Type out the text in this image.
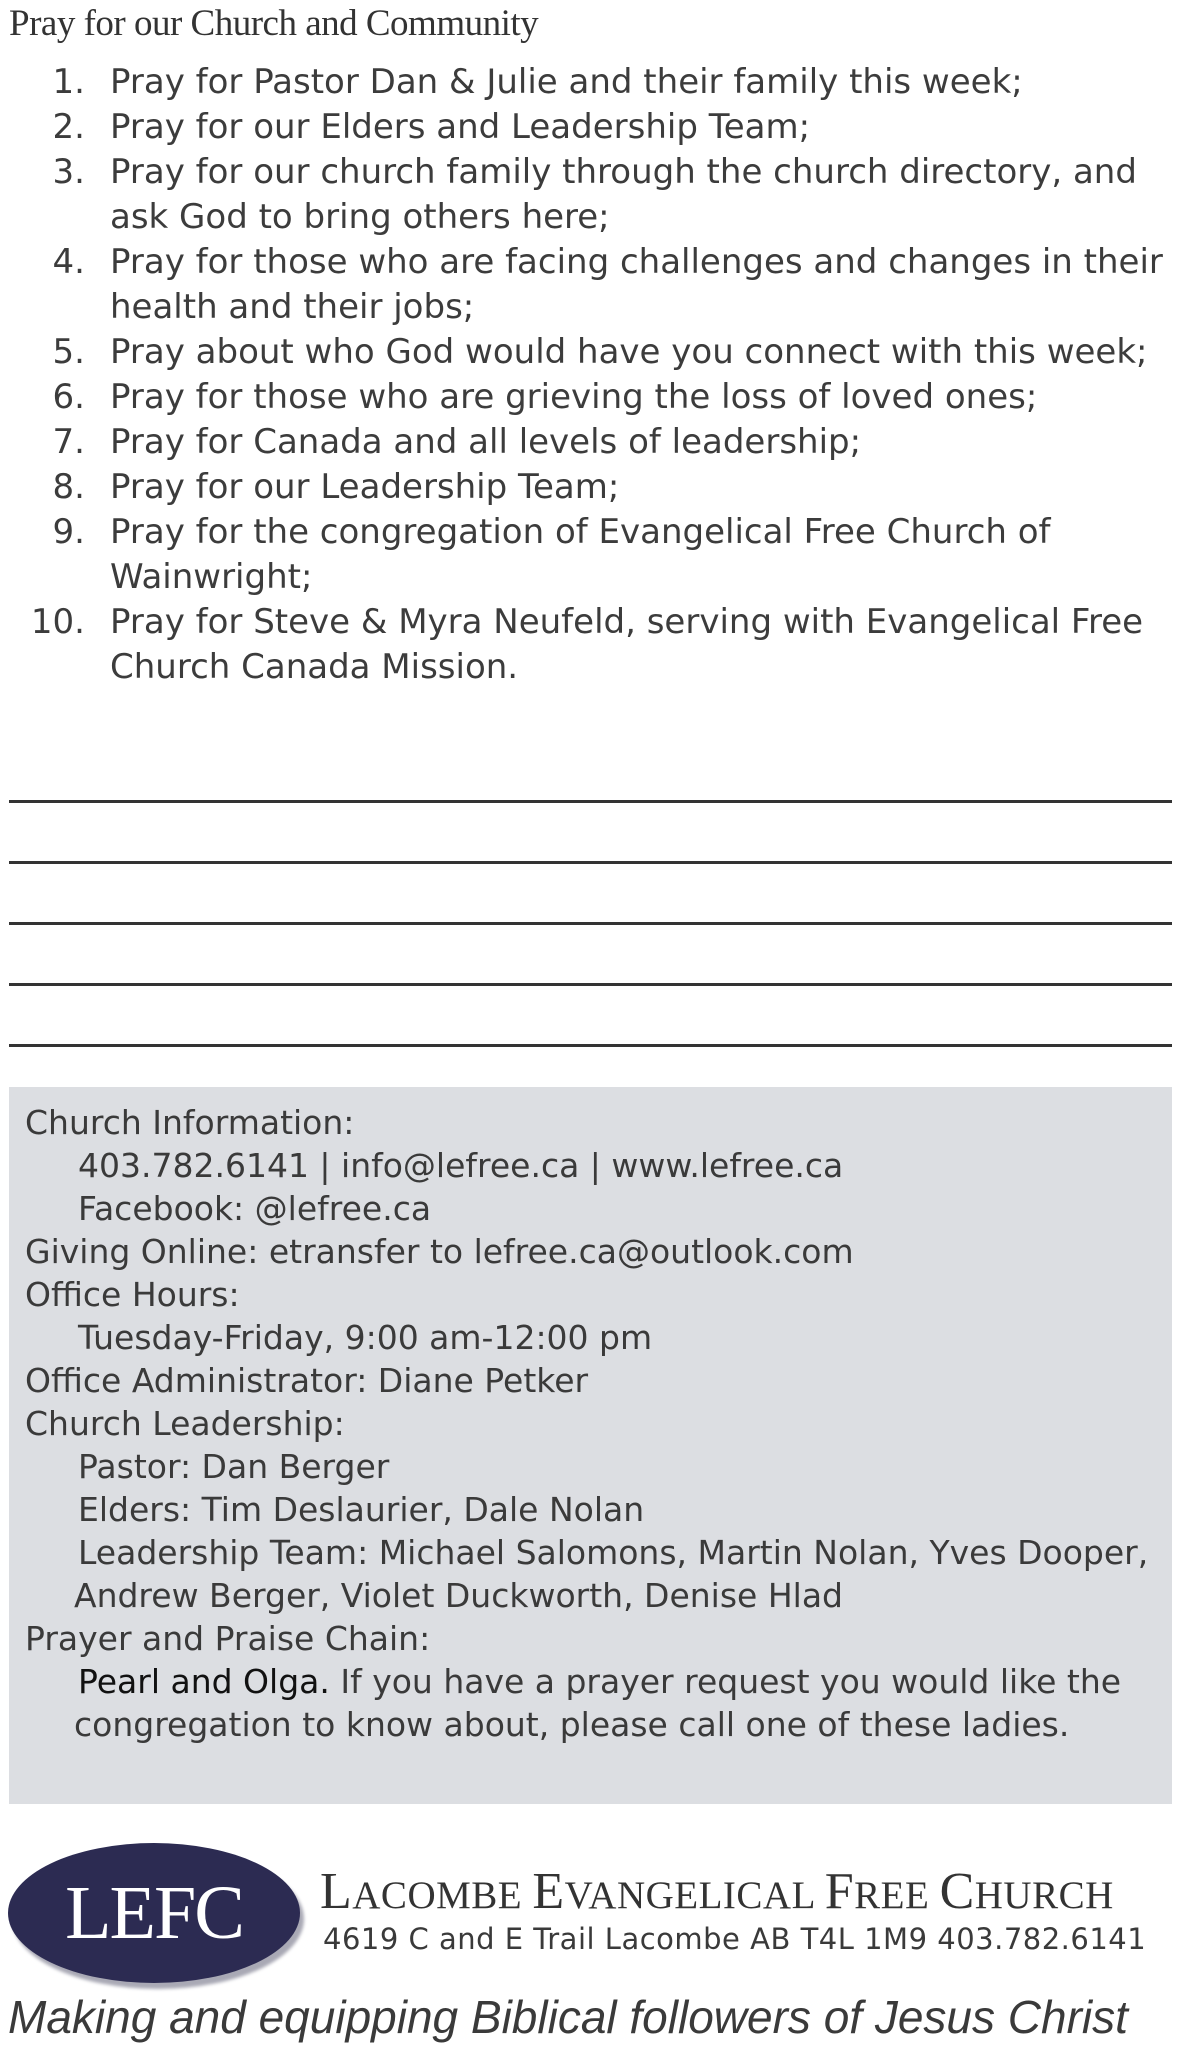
Pray for our Church and Community
1. Pray for Pastor Dan & Julie and their family this week;
2. Pray for our Elders and Leadership Team;
3. Pray for our church family through the church directory, and ask God to bring others here;
4. Pray for those who are facing challenges and changes in their health and their jobs;
5. Pray about who God would have you connect with this week;
6. Pray for those who are grieving the loss of loved ones;
7. Pray for Canada and all levels of leadership;
8. Pray for our Leadership Team;
9. Pray for the congregation of Evangelical Free Church of Wainwright;
10. Pray for Steve & Myra Neufeld, serving with Evangelical Free Church Canada Mission.
Church Information:
403.782.6141 | info@lefree.ca | www.lefree.ca
Facebook: @lefree.ca
Giving Online: etransfer to lefree.ca@outlook.com
Office Hours:
Tuesday-Friday, 9:00 am-12:00 pm
Office Administrator: Diane Petker
Church Leadership:
Pastor: Dan Berger
Elders: Tim Deslaurier, Dale Nolan
Leadership Team: Michael Salomons, Martin Nolan, Yves Dooper,
Andrew Berger, Violet Duckworth, Denise Hlad
Prayer and Praise Chain:
Pearl and Olga. If you have a prayer request you would like the
congregation to know about, please call one of these ladies.
LEFC	LACOMBE EVANGELICAL FREE CHURCH
4619 C and E Trail Lacombe AB T4L 1M9 403.782.6141
Making and equipping Biblical followers of Jesus Christ
